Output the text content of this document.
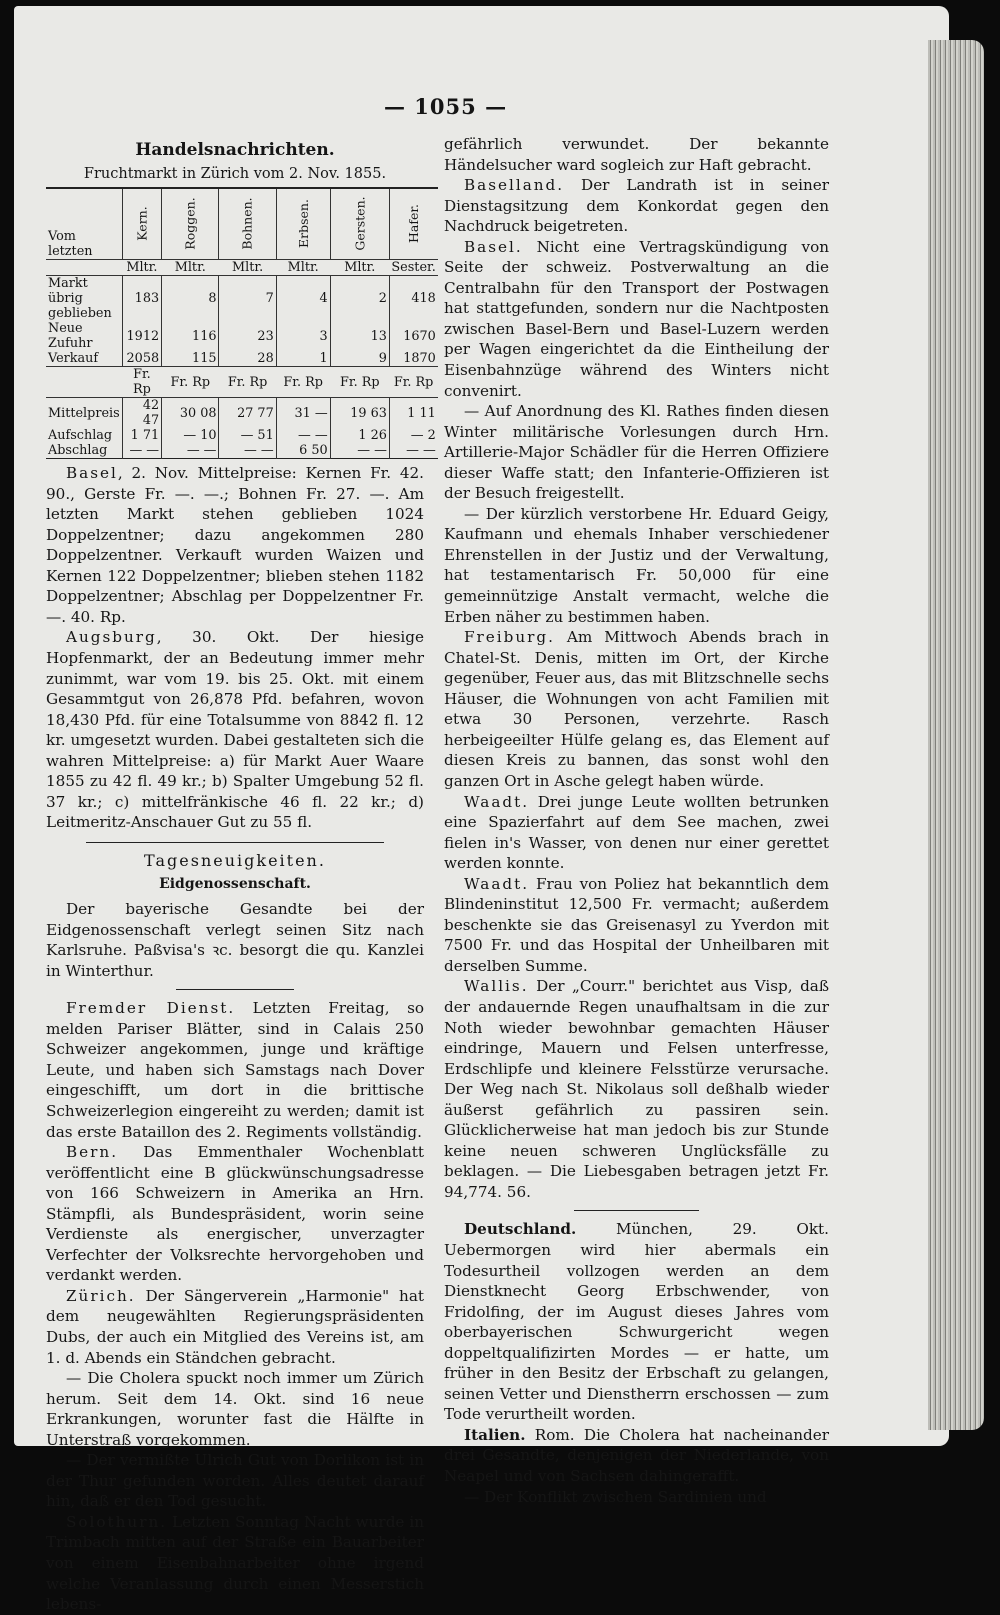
— 1055 —
Handelsnachrichten.
Fruchtmarkt in Zürich vom 2. Nov. 1855.
Vom letzten	Kern.	Roggen.	Bohnen.	Erbsen.	Gersten.	Hafer.
	Mltr.	Mltr.	Mltr.	Mltr.	Mltr.	Sester.
Markt übrig geblieben	183	8	7	4	2	418
Neue Zufuhr	1912	116	23	3	13	1670
Verkauf	2058	115	28	1	9	1870
	Fr. Rp	Fr. Rp	Fr. Rp	Fr. Rp	Fr. Rp	Fr. Rp
Mittelpreis	42 47	30 08	27 77	31 —	19 63	1 11
Aufschlag	1 71	— 10	— 51	— —	1 26	— 2
Abschlag	— —	— —	— —	6 50	— —	— —

Basel, 2. Nov. Mittelpreise: Kernen Fr. 42. 90., Gerste Fr. —. —.; Bohnen Fr. 27. —. Am letzten Markt stehen geblieben 1024 Doppelzentner; dazu angekommen 280 Doppelzentner. Verkauft wurden Waizen und Kernen 122 Doppelzentner; blieben stehen 1182 Doppelzentner; Abschlag per Doppelzentner Fr. —. 40. Rp.

Augsburg, 30. Okt. Der hiesige Hopfenmarkt, der an Bedeutung immer mehr zunimmt, war vom 19. bis 25. Okt. mit einem Gesammtgut von 26,878 Pfd. befahren, wovon 18,430 Pfd. für eine Totalsumme von 8842 fl. 12 kr. umgesetzt wurden. Dabei gestalteten sich die wahren Mittelpreise: a) für Markt Auer Waare 1855 zu 42 fl. 49 kr.; b) Spalter Umgebung 52 fl. 37 kr.; c) mittelfränkische 46 fl. 22 kr.; d) Leitmeritz-Anschauer Gut zu 55 fl.

Tagesneuigkeiten.
Eidgenossenschaft.

Der bayerische Gesandte bei der Eidgenossenschaft verlegt seinen Sitz nach Karlsruhe. Paßvisa's ꝛc. besorgt die qu. Kanzlei in Winterthur.

Fremder Dienst. Letzten Freitag, so melden Pariser Blätter, sind in Calais 250 Schweizer angekommen, junge und kräftige Leute, und haben sich Samstags nach Dover eingeschifft, um dort in die brittische Schweizerlegion eingereiht zu werden; damit ist das erste Bataillon des 2. Regiments vollständig.

Bern. Das Emmenthaler Wochenblatt veröffentlicht eine B glückwünschungsadresse von 166 Schweizern in Amerika an Hrn. Stämpfli, als Bundespräsident, worin seine Verdienste als energischer, unverzagter Verfechter der Volksrechte hervorgehoben und verdankt werden.

Zürich. Der Sängerverein „Harmonie" hat dem neugewählten Regierungspräsidenten Dubs, der auch ein Mitglied des Vereins ist, am 1. d. Abends ein Ständchen gebracht.

— Die Cholera spuckt noch immer um Zürich herum. Seit dem 14. Okt. sind 16 neue Erkrankungen, worunter fast die Hälfte in Unterstraß vorgekommen.

— Der vermißte Ulrich Gut von Dorlikon ist in der Thur gefunden worden. Alles deutet darauf hin, daß er den Tod gesucht.

Solothurn. Letzten Sonntag Nacht wurde in Trimbach mitten auf der Straße ein Bauarbeiter von einem Eisenbahnarbeiter ohne irgend welche Veranlassung durch einen Messerstich lebens-

gefährlich verwundet. Der bekannte Händelsucher ward sogleich zur Haft gebracht.

Baselland. Der Landrath ist in seiner Dienstagsitzung dem Konkordat gegen den Nachdruck beigetreten.

Basel. Nicht eine Vertragskündigung von Seite der schweiz. Postverwaltung an die Centralbahn für den Transport der Postwagen hat stattgefunden, sondern nur die Nachtposten zwischen Basel-Bern und Basel-Luzern werden per Wagen eingerichtet da die Eintheilung der Eisenbahnzüge während des Winters nicht convenirt.

— Auf Anordnung des Kl. Rathes finden diesen Winter militärische Vorlesungen durch Hrn. Artillerie-Major Schädler für die Herren Offiziere dieser Waffe statt; den Infanterie-Offizieren ist der Besuch freigestellt.

— Der kürzlich verstorbene Hr. Eduard Geigy, Kaufmann und ehemals Inhaber verschiedener Ehrenstellen in der Justiz und der Verwaltung, hat testamentarisch Fr. 50,000 für eine gemeinnützige Anstalt vermacht, welche die Erben näher zu bestimmen haben.

Freiburg. Am Mittwoch Abends brach in Chatel-St. Denis, mitten im Ort, der Kirche gegenüber, Feuer aus, das mit Blitzschnelle sechs Häuser, die Wohnungen von acht Familien mit etwa 30 Personen, verzehrte. Rasch herbeigeeilter Hülfe gelang es, das Element auf diesen Kreis zu bannen, das sonst wohl den ganzen Ort in Asche gelegt haben würde.

Waadt. Drei junge Leute wollten betrunken eine Spazierfahrt auf dem See machen, zwei fielen in's Wasser, von denen nur einer gerettet werden konnte.

Waadt. Frau von Poliez hat bekanntlich dem Blindeninstitut 12,500 Fr. vermacht; außerdem beschenkte sie das Greisenasyl zu Yverdon mit 7500 Fr. und das Hospital der Unheilbaren mit derselben Summe.

Wallis. Der „Courr." berichtet aus Visp, daß der andauernde Regen unaufhaltsam in die zur Noth wieder bewohnbar gemachten Häuser eindringe, Mauern und Felsen unterfresse, Erdschlipfe und kleinere Felsstürze verursache. Der Weg nach St. Nikolaus soll deßhalb wieder äußerst gefährlich zu passiren sein. Glücklicherweise hat man jedoch bis zur Stunde keine neuen schweren Unglücksfälle zu beklagen. — Die Liebesgaben betragen jetzt Fr. 94,774. 56.

Deutschland. München, 29. Okt. Uebermorgen wird hier abermals ein Todesurtheil vollzogen werden an dem Dienstknecht Georg Erbschwender, von Fridolfing, der im August dieses Jahres vom oberbayerischen Schwurgericht wegen doppeltqualifizirten Mordes — er hatte, um früher in den Besitz der Erbschaft zu gelangen, seinen Vetter und Dienstherrn erschossen — zum Tode verurtheilt worden.

Italien. Rom. Die Cholera hat nacheinander drei Gesandte, denjenigen der Niederlande, von Neapel und von Sachsen dahingerafft.

— Der Konflikt zwischen Sardinien und
